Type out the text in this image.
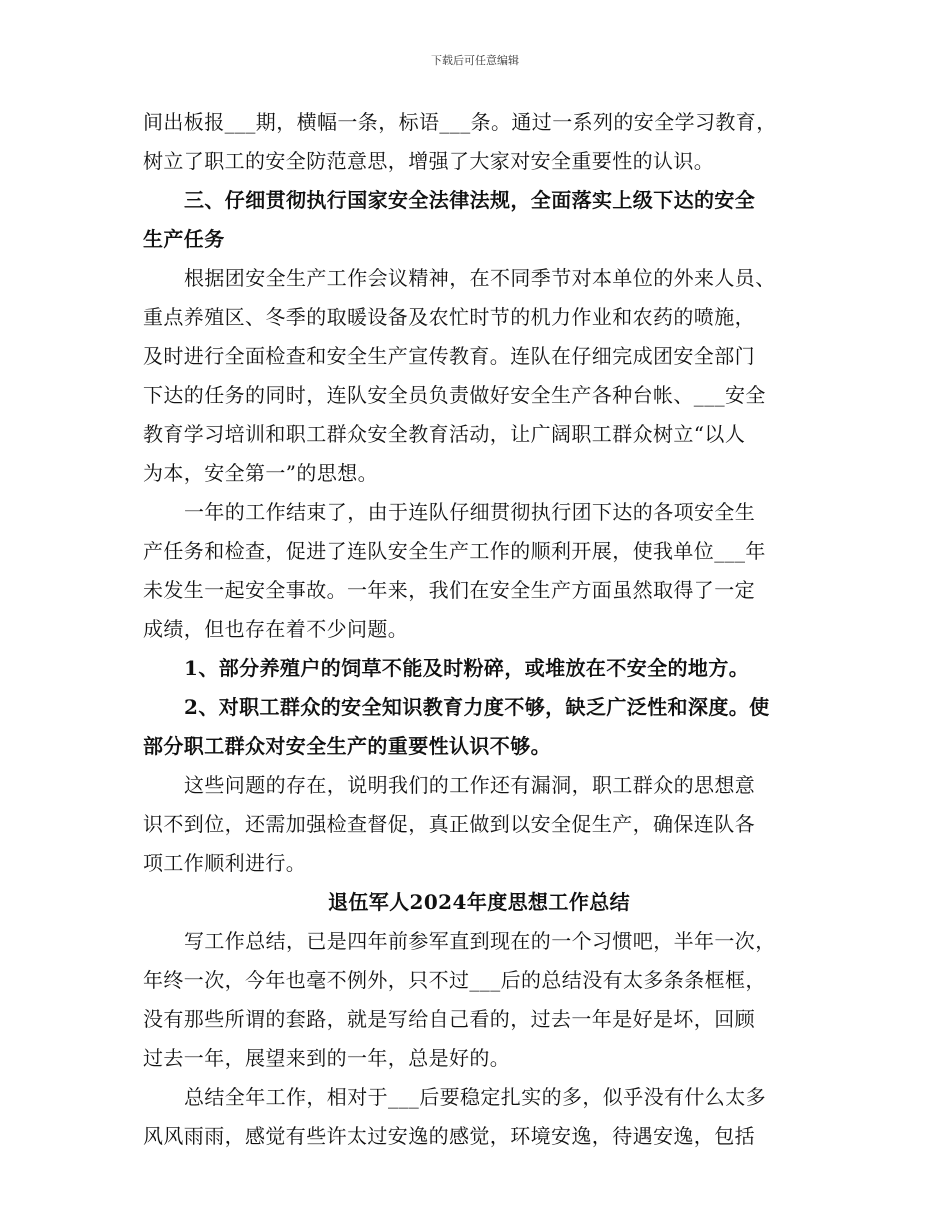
下载后可任意编辑
间出板报___期，横幅一条，标语___条。通过一系列的安全学习教育，
树立了职工的安全防范意思，增强了大家对安全重要性的认识。
三、仔细贯彻执行国家安全法律法规，全面落实上级下达的安全
生产任务
根据团安全生产工作会议精神，在不同季节对本单位的外来人员、
重点养殖区、冬季的取暖设备及农忙时节的机力作业和农药的喷施，
及时进行全面检查和安全生产宣传教育。连队在仔细完成团安全部门
下达的任务的同时，连队安全员负责做好安全生产各种台帐、___安全
教育学习培训和职工群众安全教育活动，让广阔职工群众树立“以人
为本，安全第一”的思想。
一年的工作结束了，由于连队仔细贯彻执行团下达的各项安全生
产任务和检查，促进了连队安全生产工作的顺利开展，使我单位___年
未发生一起安全事故。一年来，我们在安全生产方面虽然取得了一定
成绩，但也存在着不少问题。
1、部分养殖户的饲草不能及时粉碎，或堆放在不安全的地方。
2、对职工群众的安全知识教育力度不够，缺乏广泛性和深度。使
部分职工群众对安全生产的重要性认识不够。
这些问题的存在，说明我们的工作还有漏洞，职工群众的思想意
识不到位，还需加强检查督促，真正做到以安全促生产，确保连队各
项工作顺利进行。
退伍军人2024年度思想工作总结
写工作总结，已是四年前参军直到现在的一个习惯吧，半年一次，
年终一次，今年也毫不例外，只不过___后的总结没有太多条条框框，
没有那些所谓的套路，就是写给自己看的，过去一年是好是坏，回顾
过去一年，展望来到的一年，总是好的。
总结全年工作，相对于___后要稳定扎实的多，似乎没有什么太多
风风雨雨，感觉有些许太过安逸的感觉，环境安逸，待遇安逸，包括
